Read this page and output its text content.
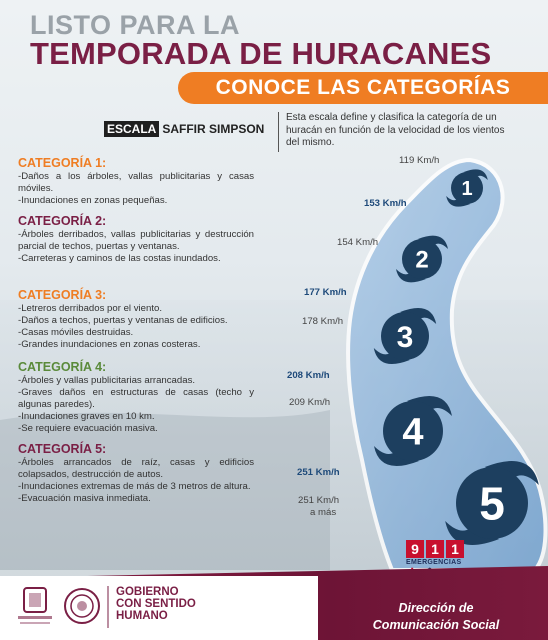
LISTO PARA LA
TEMPORADA DE HURACANES
CONOCE LAS CATEGORÍAS
ESCALA SAFFIR SIMPSON
Esta escala define y clasifica la categoría de un huracán en función de la velocidad de los vientos del mismo.
CATEGORÍA 1:

-Daños a los árboles, vallas publicitarias y casas móviles.

-Inundaciones en zonas pequeñas.

CATEGORÍA 2:

-Árboles derribados, vallas publicitarias y destrucción parcial de techos, puertas y ventanas.

-Carreteras y caminos de las costas inundados.

CATEGORÍA 3:

-Letreros derribados por el viento.

-Daños a techos, puertas y ventanas de edificios.

-Casas móviles destruidas.

-Grandes inundaciones en zonas costeras.

CATEGORÍA 4:

-Árboles y vallas publicitarias arrancadas.

-Graves daños en estructuras de casas (techo y algunas paredes).

-Inundaciones graves en 10 km.

-Se requiere evacuación masiva.

CATEGORÍA 5:

-Árboles arrancados de raíz, casas y edificios colapsados, destrucción de autos.

-Inundaciones extremas de más de 3 metros de altura.

-Evacuación masiva inmediata.

119 Km/h
153 Km/h
154 Km/h
177 Km/h
178 Km/h
208 Km/h
209 Km/h
251 Km/h
251 Km/h
a más
1
2
3
4
5
9 1 1
EMERGENCIAS
GOBIERNO
CON SENTIDO
HUMANO
Dirección de
Comunicación Social
